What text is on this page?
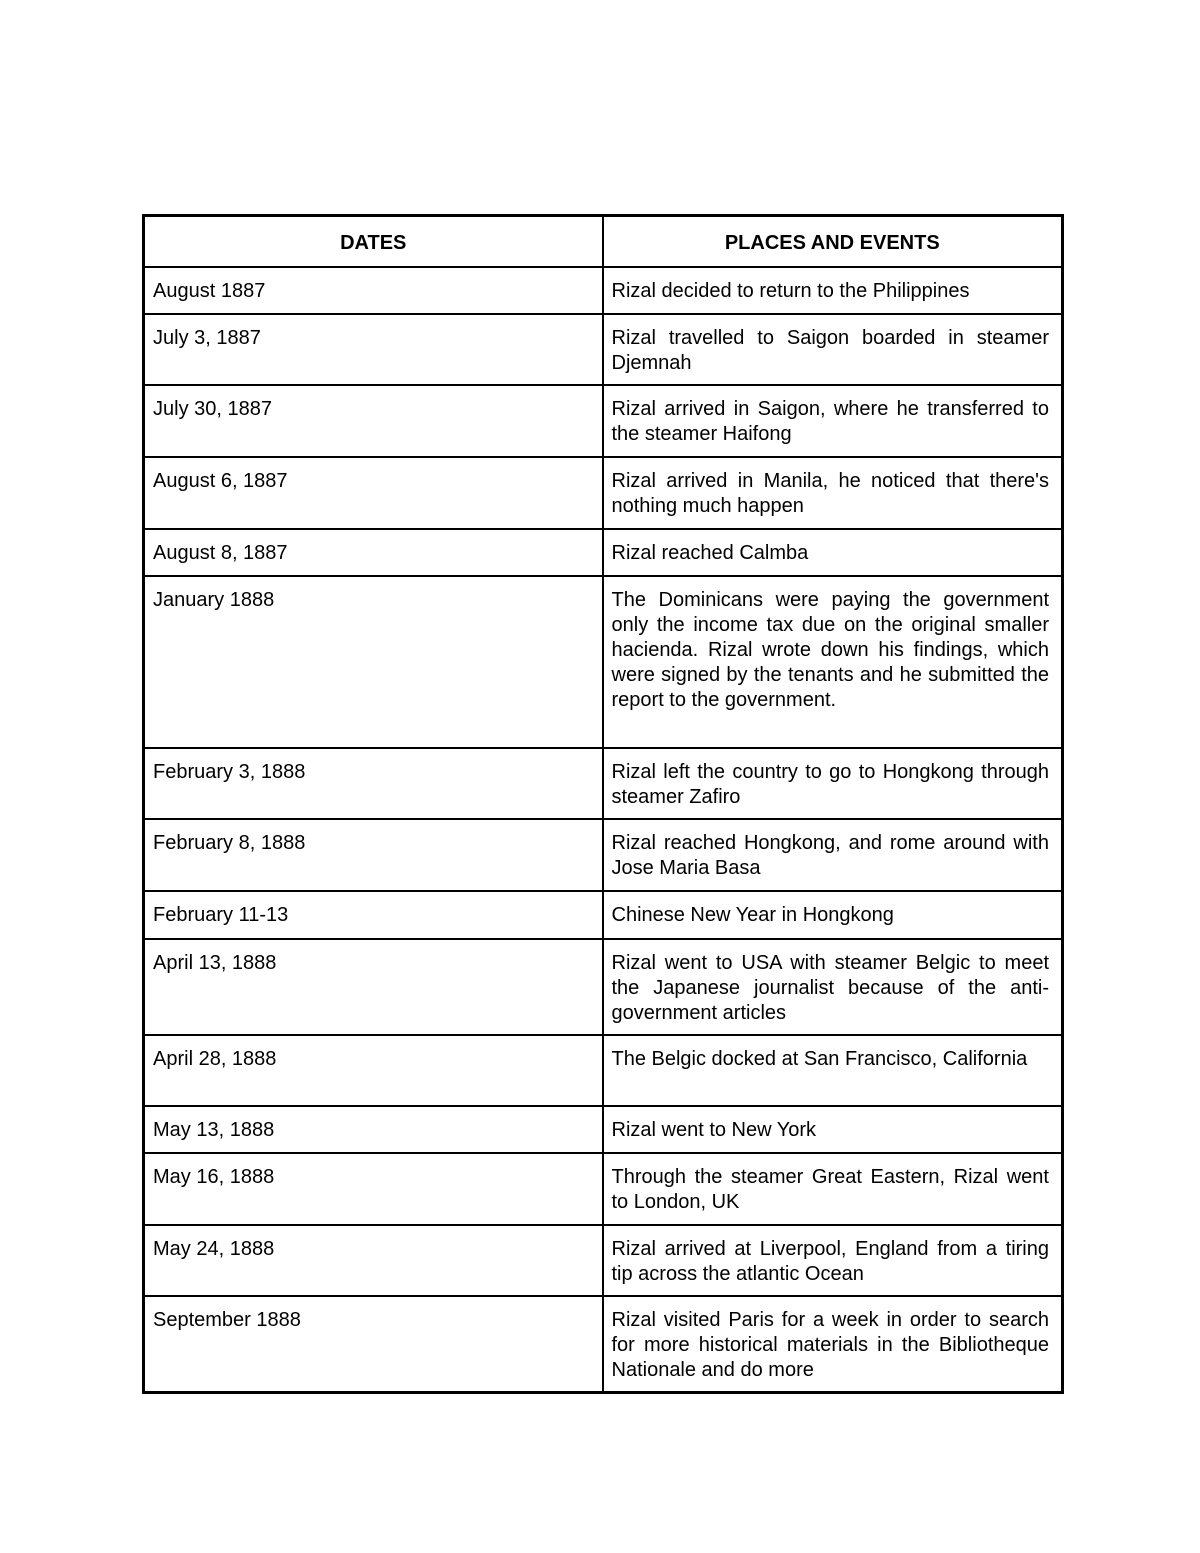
DATES	PLACES AND EVENTS
August 1887	Rizal decided to return to the Philippines
July 3, 1887	Rizal travelled to Saigon boarded in steamer Djemnah
July 30, 1887	Rizal arrived in Saigon, where he transferred to the steamer Haifong
August 6, 1887	Rizal arrived in Manila, he noticed that there's nothing much happen
August 8, 1887	Rizal reached Calmba
January 1888	The Dominicans were paying the government only the income tax due on the original smaller hacienda. Rizal wrote down his findings, which were signed by the tenants and he submitted the report to the government.
February 3, 1888	Rizal left the country to go to Hongkong through steamer Zafiro
February 8, 1888	Rizal reached Hongkong, and rome around with Jose Maria Basa
February 11-13	Chinese New Year in Hongkong
April 13, 1888	Rizal went to USA with steamer Belgic to meet the Japanese journalist because of the anti-government articles
April 28, 1888	The Belgic docked at San Francisco, California
May 13, 1888	Rizal went to New York
May 16, 1888	Through the steamer Great Eastern, Rizal went to London, UK
May 24, 1888	Rizal arrived at Liverpool, England from a tiring tip across the atlantic Ocean
September 1888	Rizal visited Paris for a week in order to search for more historical materials in the Bibliotheque Nationale and do more
